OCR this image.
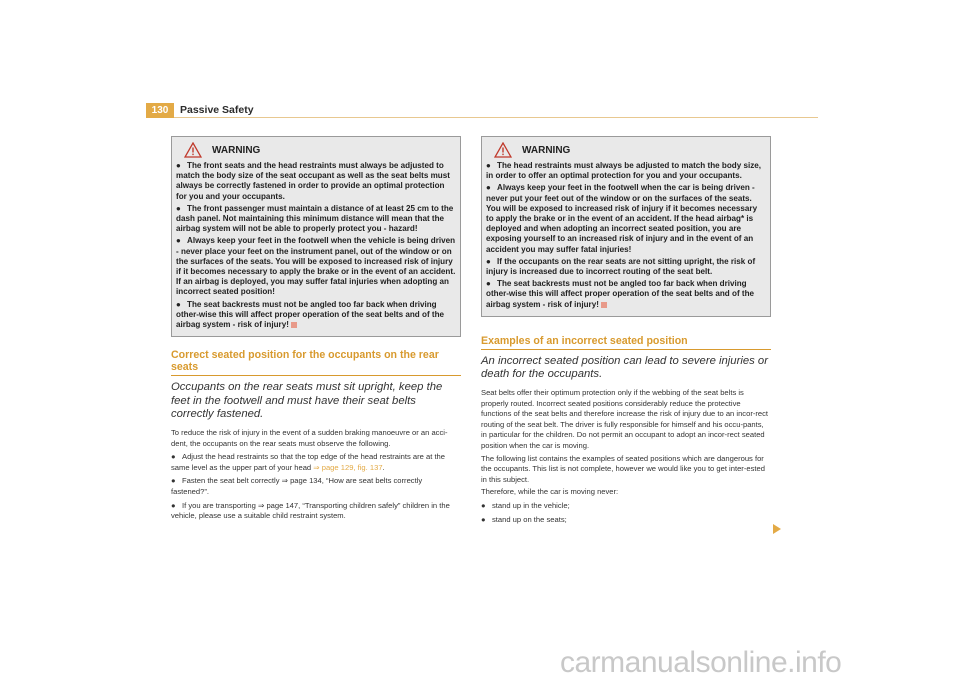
130	Passive Safety
WARNING
● The front seats and the head restraints must always be adjusted to match the body size of the seat occupant as well as the seat belts must always be correctly fastened in order to provide an optimal protection for you and your occupants.
● The front passenger must maintain a distance of at least 25 cm to the dash panel. Not maintaining this minimum distance will mean that the airbag system will not be able to properly protect you - hazard!
● Always keep your feet in the footwell when the vehicle is being driven - never place your feet on the instrument panel, out of the window or on the surfaces of the seats. You will be exposed to increased risk of injury if it becomes necessary to apply the brake or in the event of an accident. If an airbag is deployed, you may suffer fatal injuries when adopting an incorrect seated position!
● The seat backrests must not be angled too far back when driving other-wise this will affect proper operation of the seat belts and of the airbag system - risk of injury!
Correct seated position for the occupants on the rear seats
Occupants on the rear seats must sit upright, keep the feet in the footwell and must have their seat belts correctly fastened.
To reduce the risk of injury in the event of a sudden braking manoeuvre or an acci-dent, the occupants on the rear seats must observe the following.
● Adjust the head restraints so that the top edge of the head restraints are at the same level as the upper part of your head ⇒ page 129, fig. 137.
● Fasten the seat belt correctly ⇒ page 134, “How are seat belts correctly fastened?”.
● If you are transporting ⇒ page 147, “Transporting children safely” children in the vehicle, please use a suitable child restraint system.
WARNING
● The head restraints must always be adjusted to match the body size, in order to offer an optimal protection for you and your occupants.
● Always keep your feet in the footwell when the car is being driven - never put your feet out of the window or on the surfaces of the seats. You will be exposed to increased risk of injury if it becomes necessary to apply the brake or in the event of an accident. If the head airbag* is deployed and when adopting an incorrect seated position, you are exposing yourself to an increased risk of injury and in the event of an accident you may suffer fatal injuries!
● If the occupants on the rear seats are not sitting upright, the risk of injury is increased due to incorrect routing of the seat belt.
● The seat backrests must not be angled too far back when driving other-wise this will affect proper operation of the seat belts and of the airbag system - risk of injury!
Examples of an incorrect seated position
An incorrect seated position can lead to severe injuries or death for the occupants.
Seat belts offer their optimum protection only if the webbing of the seat belts is properly routed. Incorrect seated positions considerably reduce the protective functions of the seat belts and therefore increase the risk of injury due to an incor-rect routing of the seat belt. The driver is fully responsible for himself and his occu-pants, in particular for the children. Do not permit an occupant to adopt an incor-rect seated position when the car is moving.
The following list contains the examples of seated positions which are dangerous for the occupants. This list is not complete, however we would like you to get inter-ested in this subject.
Therefore, while the car is moving never:
● stand up in the vehicle;
● stand up on the seats;
carmanualsonline.info
